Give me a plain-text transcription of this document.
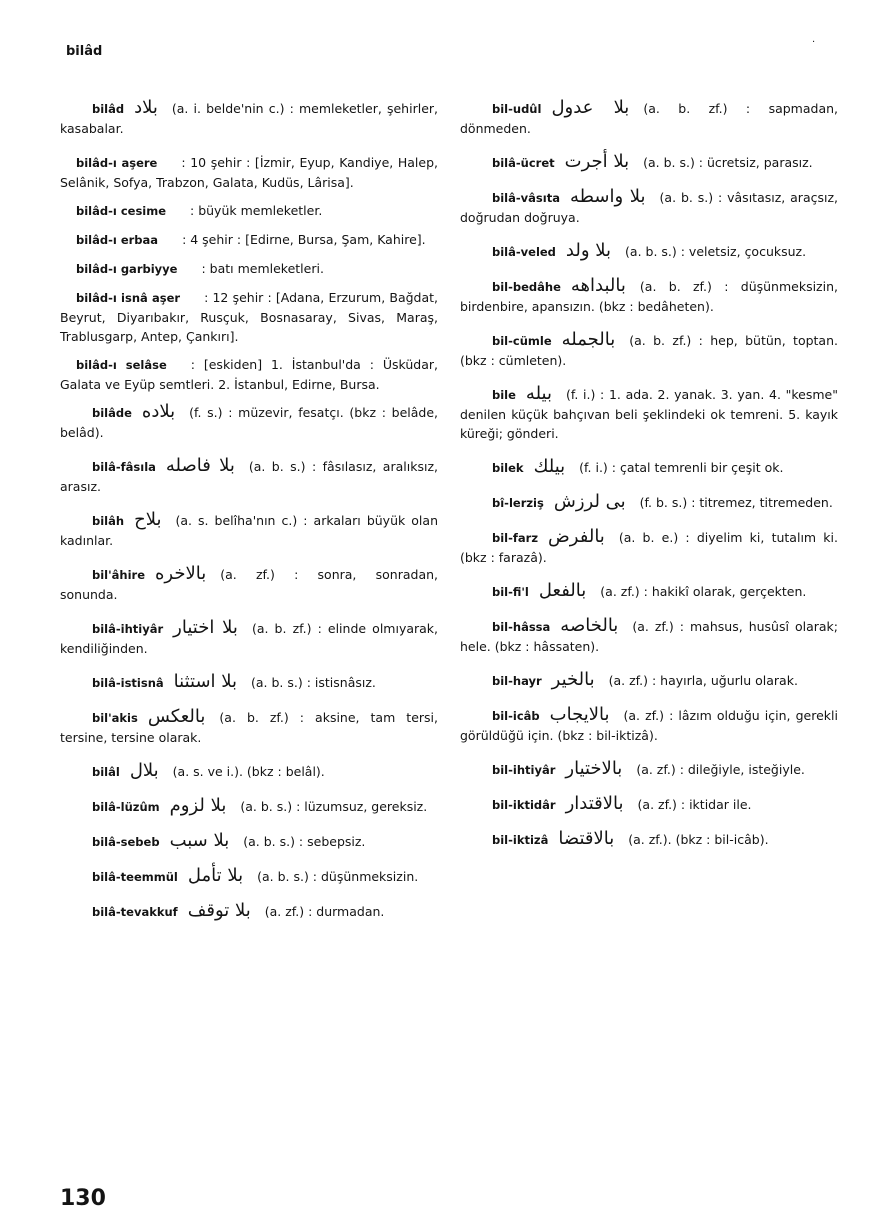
bilâd
.
bilâd بلاد (a. i. belde'nin c.) : memleketler, şehirler, kasabalar.
bilâd-ı aşere : 10 şehir : [İzmir, Eyup, Kandiye, Halep, Selânik, Sofya, Trabzon, Galata, Kudüs, Lârisa].
bilâd-ı cesime : büyük memleketler.
bilâd-ı erbaa : 4 şehir : [Edirne, Bursa, Şam, Kahire].
bilâd-ı garbiyye : batı memleketleri.
bilâd-ı isnâ aşer : 12 şehir : [Adana, Erzurum, Bağdat, Beyrut, Diyarıbakır, Rusçuk, Bosnasaray, Sivas, Maraş, Trablusgarp, Antep, Çankırı].
bilâd-ı selâse : [eskiden] 1. İstanbul'da : Üsküdar, Galata ve Eyüp semtleri. 2. İstanbul, Edirne, Bursa.
bilâde بلاده (f. s.) : müzevir, fesatçı. (bkz : belâde, belâd).
bilâ-fâsıla بلا فاصله (a. b. s.) : fâsılasız, aralıksız, arasız.
bilâh بلاح (a. s. belîha'nın c.) : arkaları büyük olan kadınlar.
bil'âhire بالاخره (a. zf.) : sonra, sonradan, sonunda.
bilâ-ihtiyâr بلا اختيار (a. b. zf.) : elinde olmıyarak, kendiliğinden.
bilâ-istisnâ بلا استثنا (a. b. s.) : istisnâsız.
bil'akis بالعكس (a. b. zf.) : aksine, tam tersi, tersine, tersine olarak.
bilâl بلال (a. s. ve i.). (bkz : belâl).
bilâ-lüzûm بلا لزوم (a. b. s.) : lüzumsuz, gereksiz.
bilâ-sebeb بلا سبب (a. b. s.) : sebepsiz.
bilâ-teemmül بلا تأمل (a. b. s.) : düşünmeksizin.
bilâ-tevakkuf بلا توقف (a. zf.) : durmadan.
bil-udûl بلا عدول (a. b. zf.) : sapmadan, dönmeden.
bilâ-ücret بلا أجرت (a. b. s.) : ücretsiz, parasız.
bilâ-vâsıta بلا واسطه (a. b. s.) : vâsıtasız, araçsız, doğrudan doğruya.
bilâ-veled بلا ولد (a. b. s.) : veletsiz, çocuksuz.
bil-bedâhe بالبداهه (a. b. zf.) : düşünmeksizin, birdenbire, apansızın. (bkz : bedâheten).
bil-cümle بالجمله (a. b. zf.) : hep, bütün, toptan. (bkz : cümleten).
bile بيله (f. i.) : 1. ada. 2. yanak. 3. yan. 4. "kesme" denilen küçük bahçıvan beli şeklindeki ok temreni. 5. kayık küreği; gönderi.
bilek بيلك (f. i.) : çatal temrenli bir çeşit ok.
bî-lerziş بى لرزش (f. b. s.) : titremez, titremeden.
bil-farz بالفرض (a. b. e.) : diyelim ki, tutalım ki. (bkz : farazâ).
bil-fi'l بالفعل (a. zf.) : hakikî olarak, gerçekten.
bil-hâssa بالخاصه (a. zf.) : mahsus, husûsî olarak; hele. (bkz : hâssaten).
bil-hayr بالخير (a. zf.) : hayırla, uğurlu olarak.
bil-icâb بالايجاب (a. zf.) : lâzım olduğu için, gerekli görüldüğü için. (bkz : bil-iktizâ).
bil-ihtiyâr بالاختيار (a. zf.) : dileğiyle, isteğiyle.
bil-iktidâr بالاقتدار (a. zf.) : iktidar ile.
bil-iktizâ بالاقتضا (a. zf.). (bkz : bil-icâb).
130
